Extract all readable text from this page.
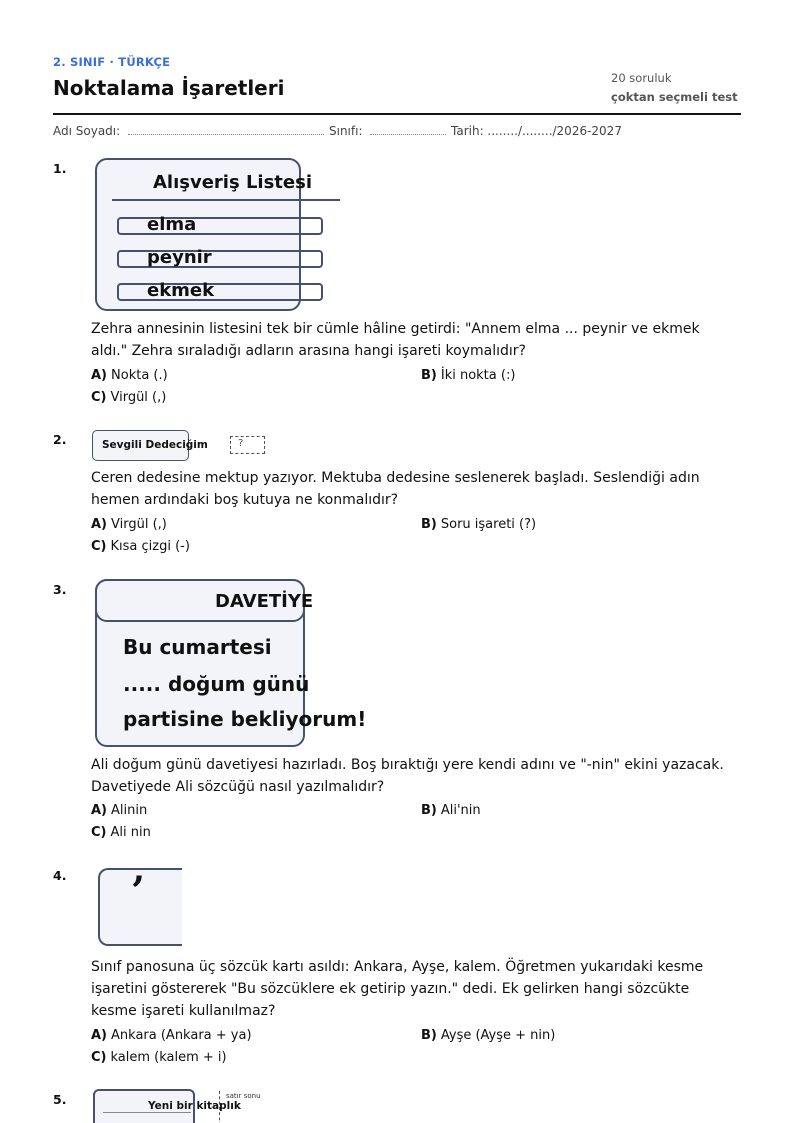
2. SINIF · TÜRKÇE
Noktalama İşaretleri	20 soruluk
çoktan seçmeli test
Adı Soyadı:	Sınıfı:	Tarih: ......../......../2026-2027
1.
Alışveriş Listesi
elma
peynir
ekmek
Zehra annesinin listesini tek bir cümle hâline getirdi: "Annem elma ... peynir ve ekmek aldı." Zehra sıraladığı adların arasına hangi işareti koymalıdır?
A) Nokta (.)	B) İki nokta (:)
C) Virgül (,)
2.	Sevgili Dedeciğim	?
Ceren dedesine mektup yazıyor. Mektuba dedesine seslenerek başladı. Seslendiği adın hemen ardındaki boş kutuya ne konmalıdır?
A) Virgül (,)	B) Soru işareti (?)
C) Kısa çizgi (-)
3.
DAVETİYE
Bu cumartesi
..... doğum günü
partisine bekliyorum!
Ali doğum günü davetiyesi hazırladı. Boş bıraktığı yere kendi adını ve "-nin" ekini yazacak. Davetiyede Ali sözcüğü nasıl yazılmalıdır?
A) Alinin	B) Ali'nin
C) Ali nin
4. ’
Sınıf panosuna üç sözcük kartı asıldı: Ankara, Ayşe, kalem. Öğretmen yukarıdaki kesme işaretini göstererek "Bu sözcüklere ek getirip yazın." dedi. Ek gelirken hangi sözcükte kesme işareti kullanılmaz?
A) Ankara (Ankara + ya)	B) Ayşe (Ayşe + nin)
C) kalem (kalem + i)
5.	Yeni bir kitaplık
satır sonu
